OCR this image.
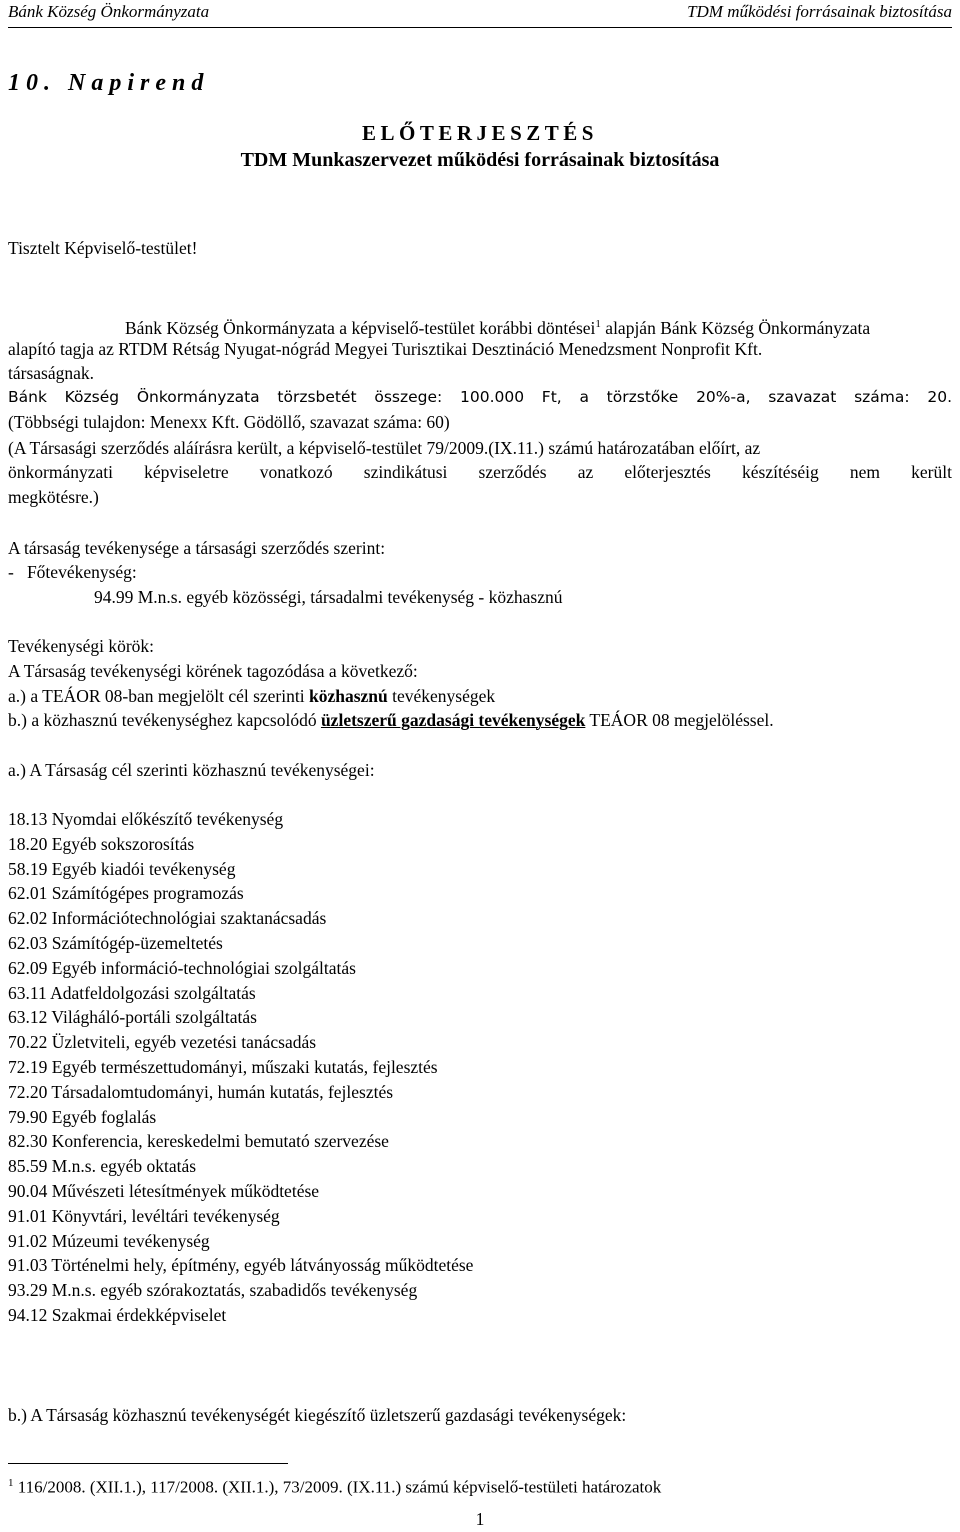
Bánk Község Önkormányzata	TDM működési forrásainak biztosítása
10. Napirend
ELŐTERJESZTÉS
TDM Munkaszervezet működési forrásainak biztosítása
Tisztelt Képviselő-testület!
Bánk Község Önkormányzata a képviselő-testület korábbi döntései$^1$ alapján Bánk Község Önkormányzata
alapító tagja az RTDM Rétság Nyugat-nógrád Megyei Turisztikai Desztináció Menedzsment Nonprofit Kft.
társaságnak.
Bánk Község Önkormányzata törzsbetét összege: 100.000 Ft, a törzstőke 20%-a, szavazat száma: 20.
(Többségi tulajdon: Menexx Kft. Gödöllő, szavazat száma: 60)
(A Társasági szerződés aláírásra került, a képviselő-testület 79/2009.(IX.11.) számú határozatában előírt, az
önkormányzati képviseletre vonatkozó szindikátusi szerződés az előterjesztés készítéséig nem került
megkötésre.)
A társaság tevékenysége a társasági szerződés szerint:
-   Főtevékenység:
94.99 M.n.s. egyéb közösségi, társadalmi tevékenység - közhasznú
Tevékenységi körök:
A Társaság tevékenységi körének tagozódása a következő:
a.) a TEÁOR 08-ban megjelölt cél szerinti közhasznú tevékenységek
b.) a közhasznú tevékenységhez kapcsolódó üzletszerű gazdasági tevékenységek TEÁOR 08 megjelöléssel.
a.) A Társaság cél szerinti közhasznú tevékenységei:
18.13 Nyomdai előkészítő tevékenység
18.20 Egyéb sokszorosítás
58.19 Egyéb kiadói tevékenység
62.01 Számítógépes programozás
62.02 Információtechnológiai szaktanácsadás
62.03 Számítógép-üzemeltetés
62.09 Egyéb információ-technológiai szolgáltatás
63.11 Adatfeldolgozási szolgáltatás
63.12 Világháló-portáli szolgáltatás
70.22 Üzletviteli, egyéb vezetési tanácsadás
72.19 Egyéb természettudományi, műszaki kutatás, fejlesztés
72.20 Társadalomtudományi, humán kutatás, fejlesztés
79.90 Egyéb foglalás
82.30 Konferencia, kereskedelmi bemutató szervezése
85.59 M.n.s. egyéb oktatás
90.04 Művészeti létesítmények működtetése
91.01 Könyvtári, levéltári tevékenység
91.02 Múzeumi tevékenység
91.03 Történelmi hely, építmény, egyéb látványosság működtetése
93.29 M.n.s. egyéb szórakoztatás, szabadidős tevékenység
94.12 Szakmai érdekképviselet
b.) A Társaság közhasznú tevékenységét kiegészítő üzletszerű gazdasági tevékenységek:
$^1$ 116/2008. (XII.1.), 117/2008. (XII.1.), 73/2009. (IX.11.) számú képviselő-testületi határozatok
1
